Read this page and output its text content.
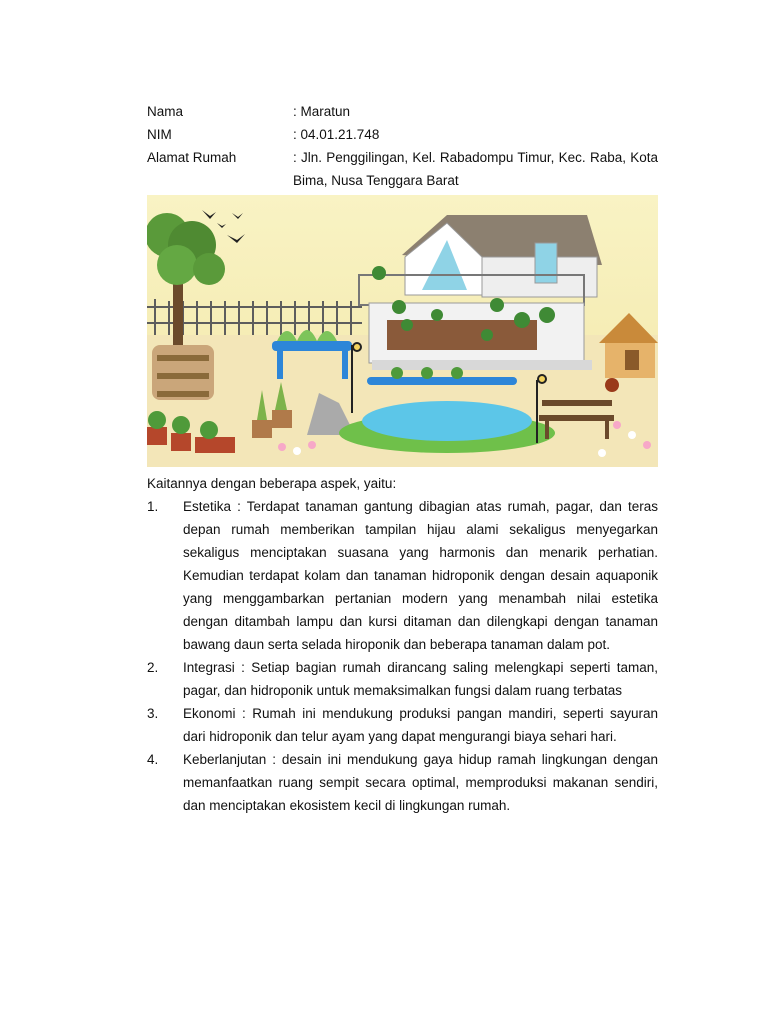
Nama	: Maratun
NIM	: 04.01.21.748
Alamat Rumah	: Jln. Penggilingan, Kel. Rabadompu Timur, Kec. Raba, Kota Bima, Nusa Tenggara Barat
Kaitannya dengan beberapa aspek, yaitu:
1.	Estetika : Terdapat tanaman gantung dibagian atas rumah, pagar, dan teras depan rumah memberikan tampilan hijau alami sekaligus menyegarkan sekaligus menciptakan suasana yang harmonis dan menarik perhatian. Kemudian terdapat kolam dan tanaman hidroponik dengan desain aquaponik yang menggambarkan pertanian modern yang menambah nilai estetika dengan ditambah lampu dan kursi ditaman dan dilengkapi dengan tanaman bawang daun serta selada hiroponik dan beberapa tanaman dalam pot.
2.	Integrasi : Setiap bagian rumah dirancang saling melengkapi seperti taman, pagar, dan hidroponik untuk memaksimalkan fungsi dalam ruang terbatas
3.	Ekonomi : Rumah ini mendukung produksi pangan mandiri, seperti sayuran dari hidroponik dan telur ayam yang dapat mengurangi biaya sehari hari.
4.	Keberlanjutan : desain ini mendukung gaya hidup ramah lingkungan dengan memanfaatkan ruang sempit secara optimal, memproduksi makanan sendiri, dan menciptakan ekosistem kecil di lingkungan rumah.
